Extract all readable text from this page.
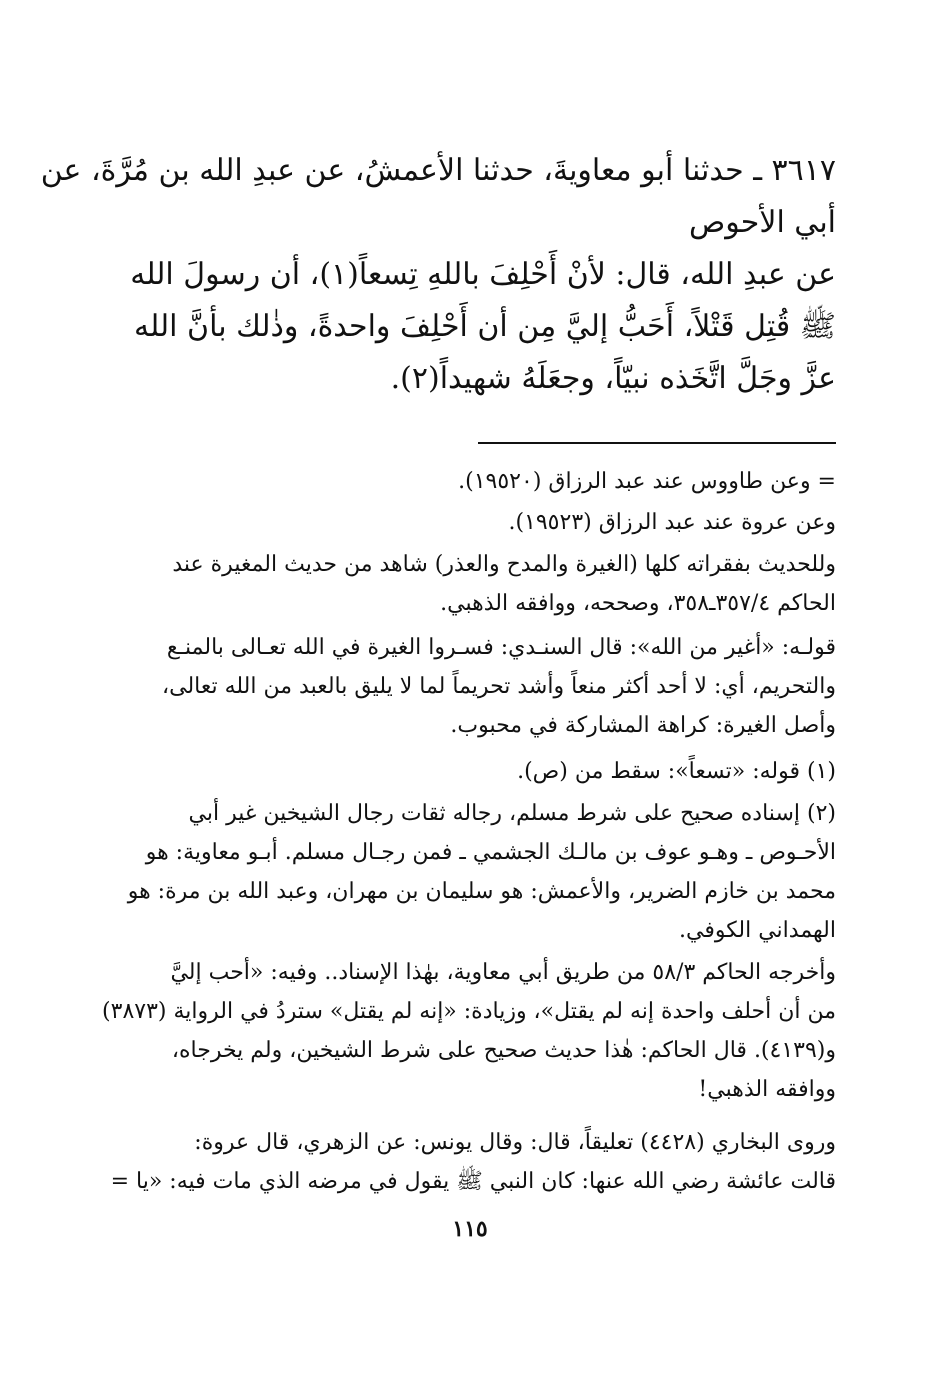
٣٦١٧ ـ حدثنا أبو معاويةَ، حدثنا الأعمشُ، عن عبدِ الله بن مُرَّةَ، عن
أبي الأحوص
عن عبدِ الله، قال: لأنْ أَحْلِفَ باللهِ تِسعاً(١)، أن رسولَ الله
ﷺ قُتِل قَتْلاً، أَحَبُّ إليَّ مِن أن أَحْلِفَ واحدةً، وذٰلك بأنَّ الله
عزَّ وجَلَّ اتَّخَذه نبيّاً، وجعَلَهُ شهيداً(٢).
= وعن طاووس عند عبد الرزاق (١٩٥٢٠).
وعن عروة عند عبد الرزاق (١٩٥٢٣).
وللحديث بفقراته كلها (الغيرة والمدح والعذر) شاهد من حديث المغيرة عند
الحاكم ٣٥٧/٤ـ٣٥٨، وصححه، ووافقه الذهبي.
قولـه: «أغير من الله»: قال السنـدي: فسـروا الغيرة في الله تعـالى بالمنـع
والتحريم، أي: لا أحد أكثر منعاً وأشد تحريماً لما لا يليق بالعبد من الله تعالى،
وأصل الغيرة: كراهة المشاركة في محبوب.
(١) قوله: «تسعاً»: سقط من (ص).
(٢) إسناده صحيح على شرط مسلم، رجاله ثقات رجال الشيخين غير أبي
الأحـوص ـ وهـو عوف بن مالـك الجشمي ـ فمن رجـال مسلم. أبـو معاوية: هو
محمد بن خازم الضرير، والأعمش: هو سليمان بن مهران، وعبد الله بن مرة: هو
الهمداني الكوفي.
وأخرجه الحاكم ٥٨/٣ من طريق أبي معاوية، بهٰذا الإسناد.. وفيه: «أحب إليَّ
من أن أحلف واحدة إنه لم يقتل»، وزيادة: «إنه لم يقتل» ستردُ في الرواية (٣٨٧٣)
و(٤١٣٩). قال الحاكم: هٰذا حديث صحيح على شرط الشيخين، ولم يخرجاه،
ووافقه الذهبي!
وروى البخاري (٤٤٢٨) تعليقاً، قال: وقال يونس: عن الزهري، قال عروة:
قالت عائشة رضي الله عنها: كان النبي ﷺ يقول في مرضه الذي مات فيه: «يا =
١١٥
